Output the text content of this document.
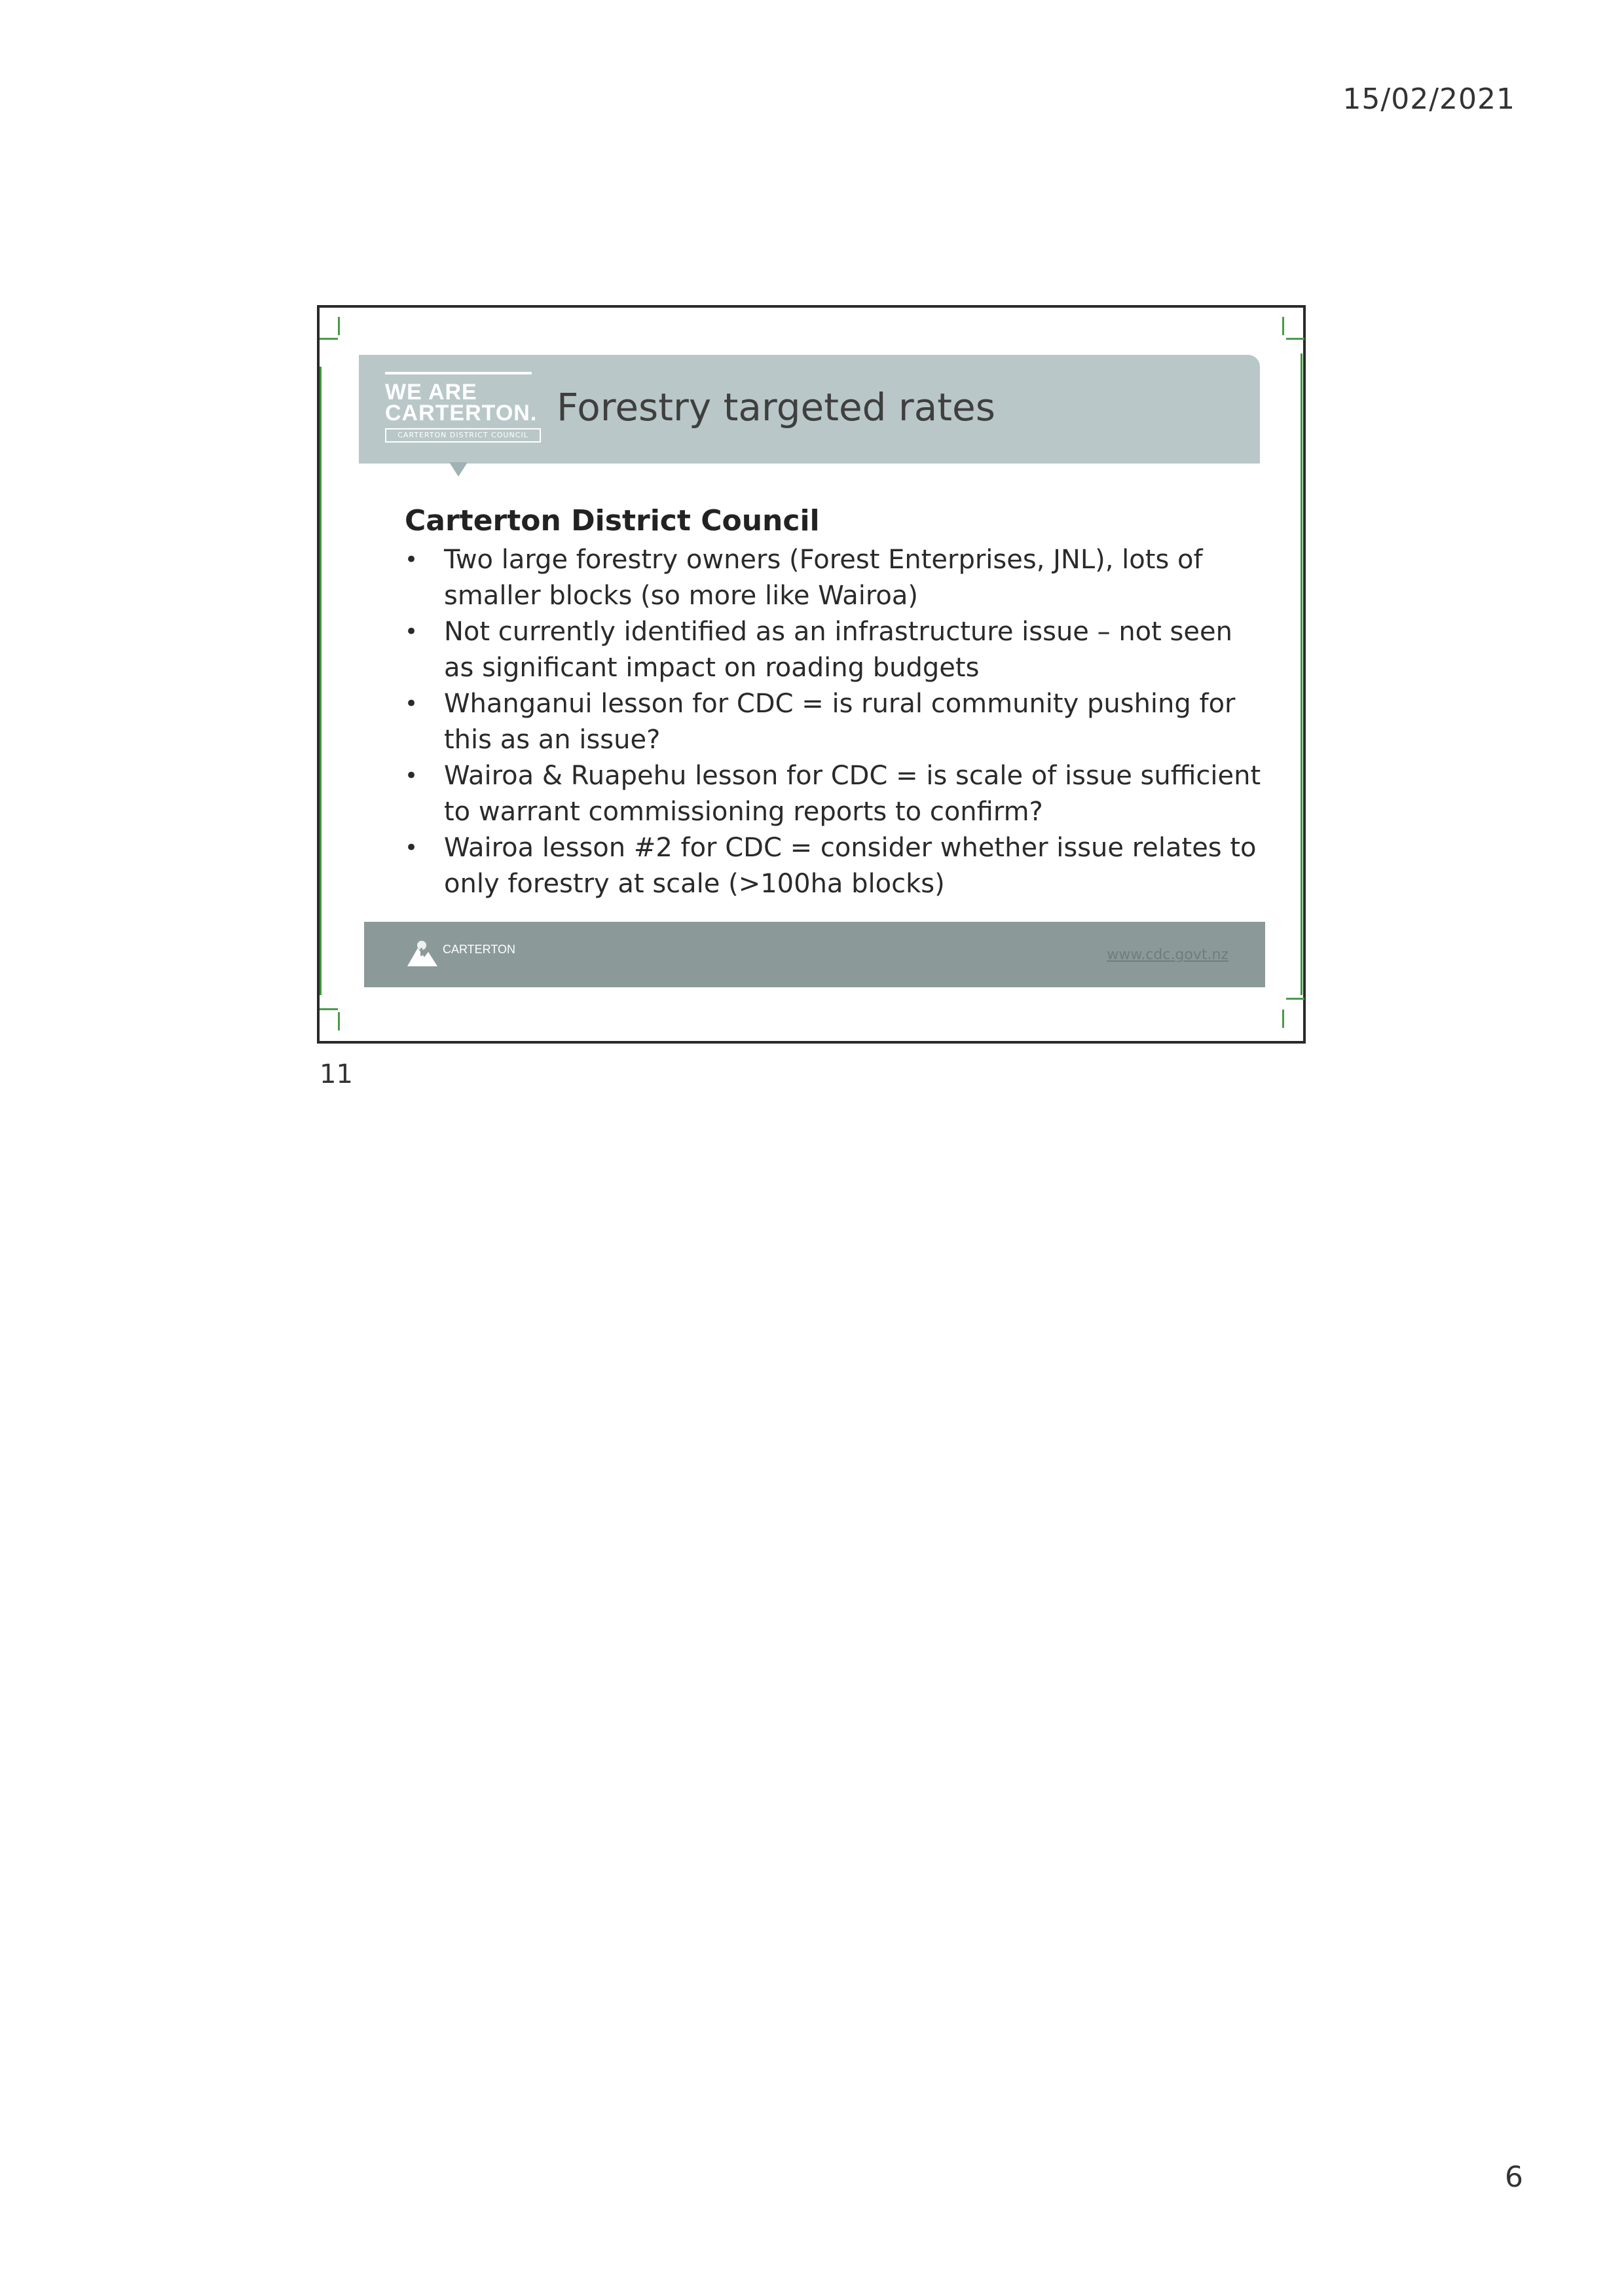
15/02/2021
WE ARE
CARTERTON.
CARTERTON DISTRICT COUNCIL
Forestry targeted rates
Carterton District Council
• Two large forestry owners (Forest Enterprises, JNL), lots of smaller blocks (so more like Wairoa)
• Not currently identified as an infrastructure issue – not seen as significant impact on roading budgets
• Whanganui lesson for CDC = is rural community pushing for this as an issue?
• Wairoa & Ruapehu lesson for CDC = is scale of issue sufficient to warrant commissioning reports to confirm?
• Wairoa lesson #2 for CDC = consider whether issue relates to only forestry at scale (>100ha blocks)
CARTERTON	www.cdc.govt.nz
11
6
